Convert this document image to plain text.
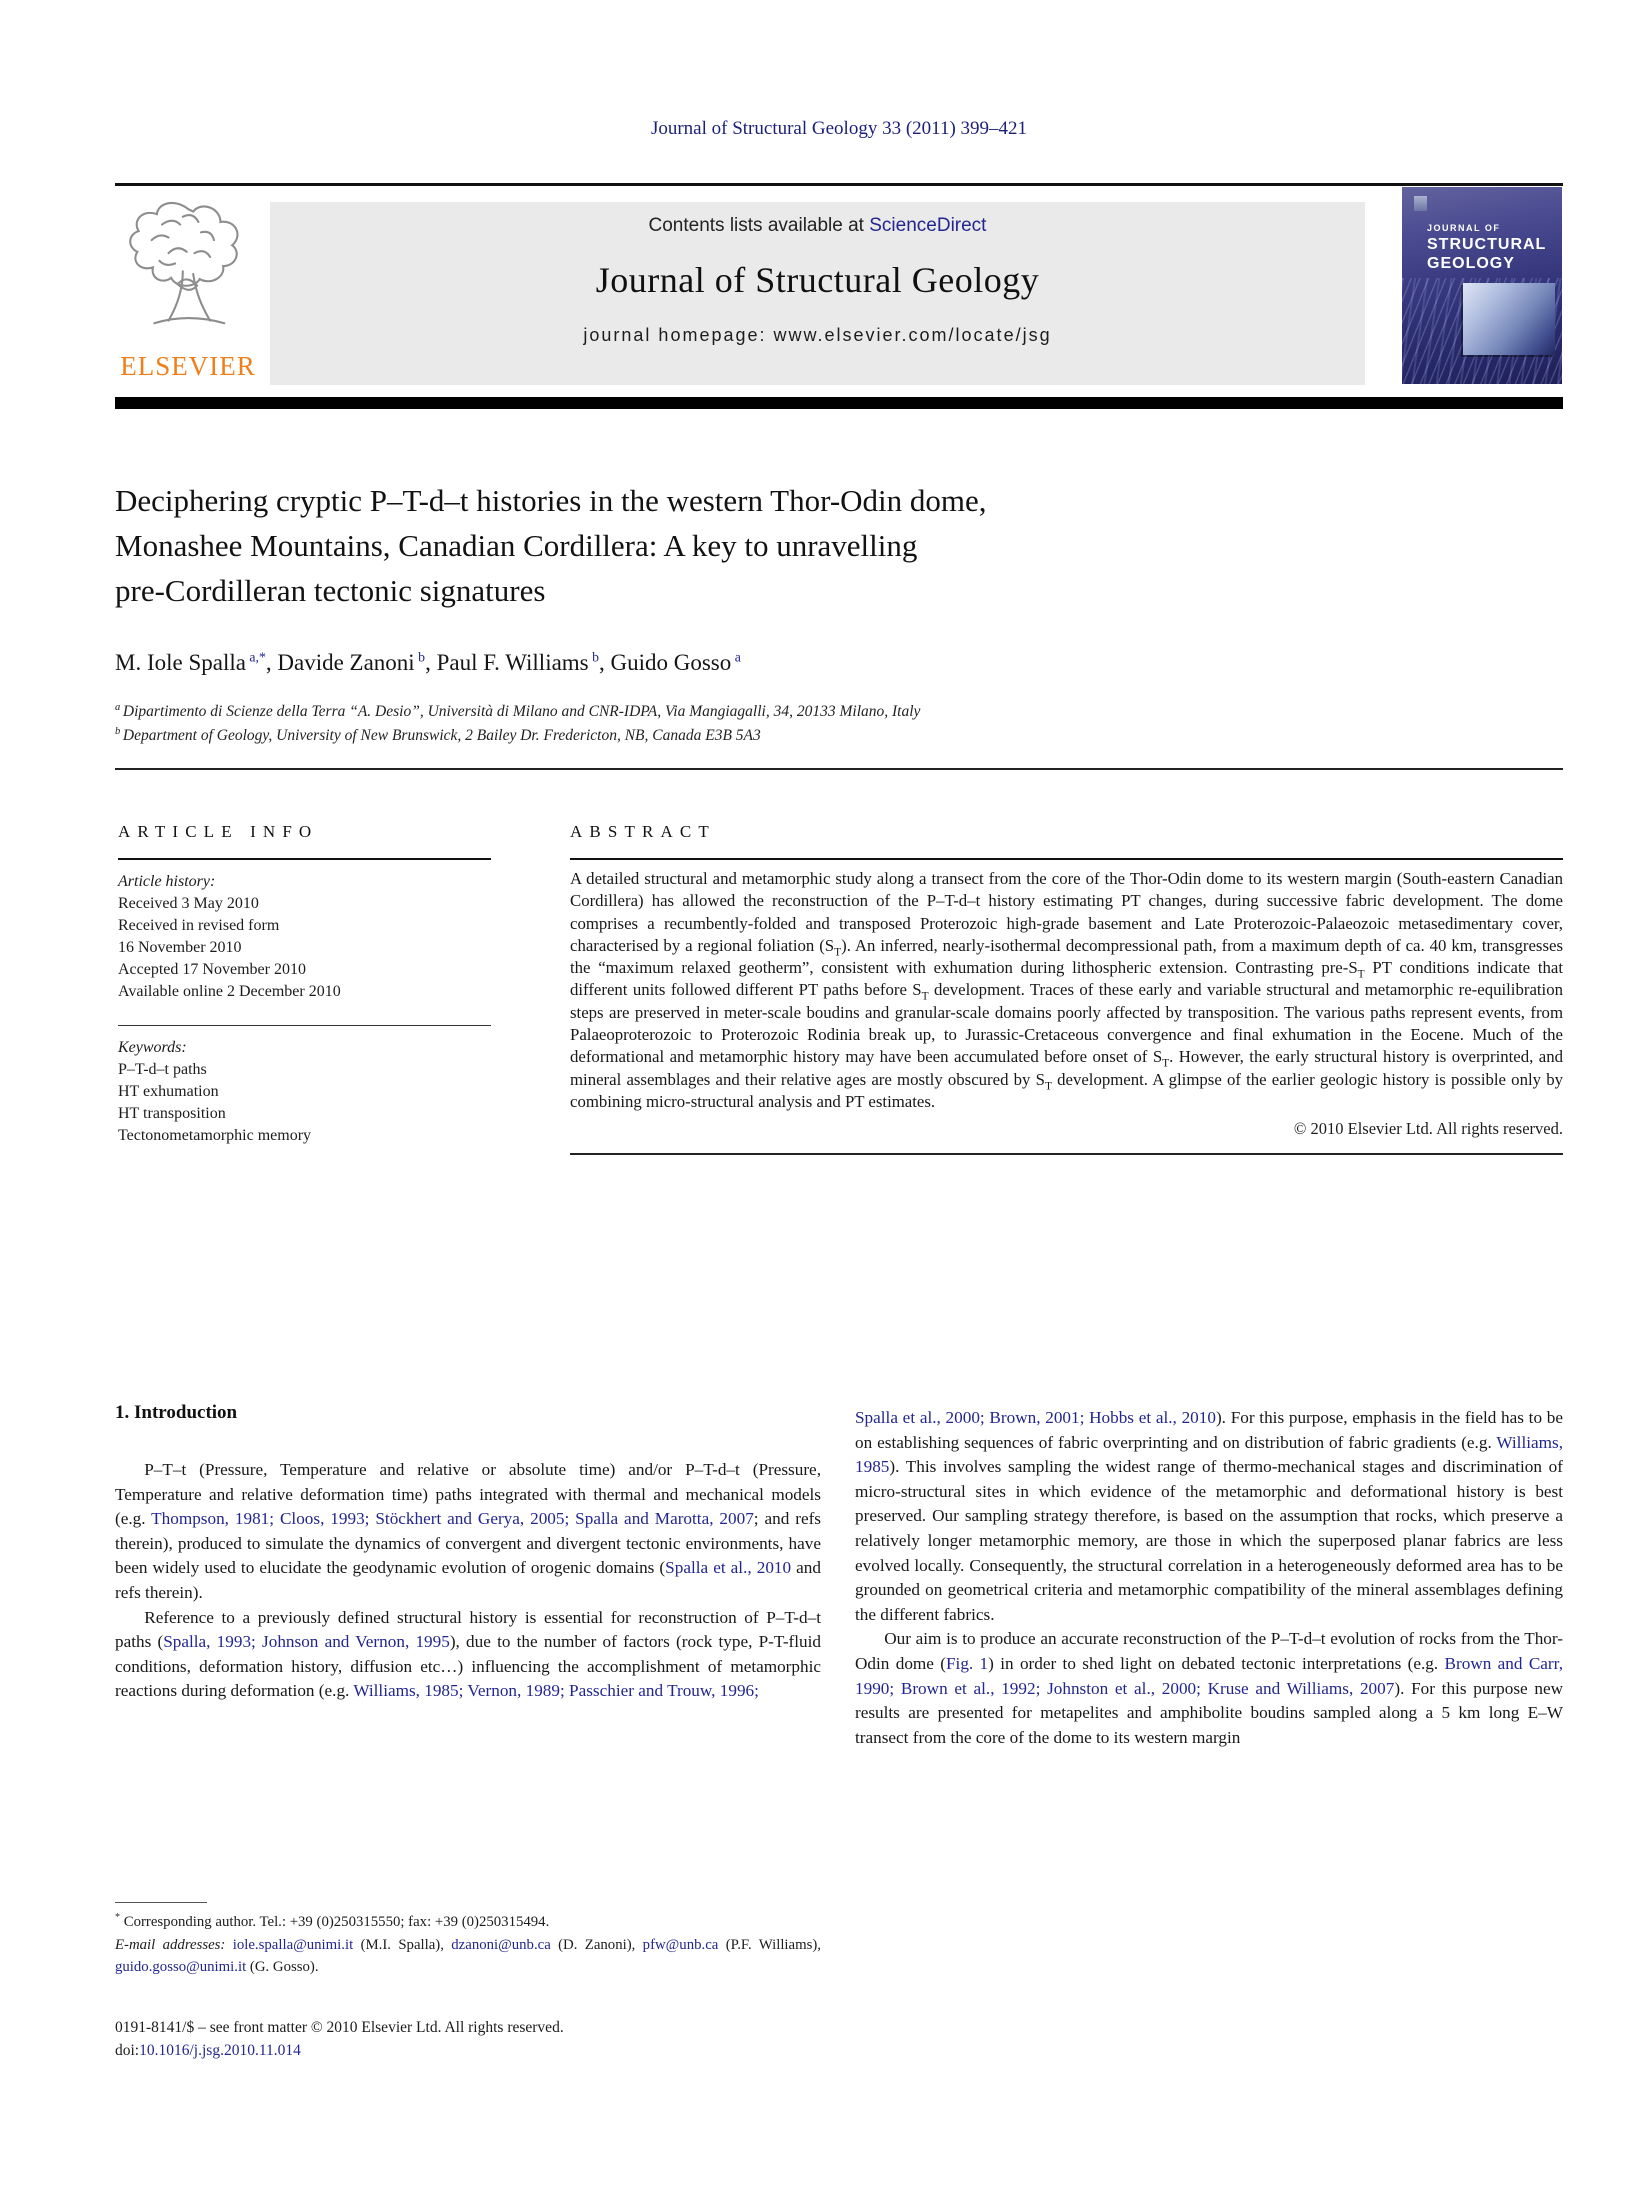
Journal of Structural Geology 33 (2011) 399–421
ELSEVIER
Contents lists available at ScienceDirect
Journal of Structural Geology
journal homepage: www.elsevier.com/locate/jsg
JOURNAL OF
STRUCTURAL
GEOLOGY
Deciphering cryptic P–T-d–t histories in the western Thor-Odin dome,
Monashee Mountains, Canadian Cordillera: A key to unravelling
pre-Cordilleran tectonic signatures
M. Iole Spalla $^{a,*}$, Davide Zanoni $^b$, Paul F. Williams $^b$, Guido Gosso $^a$
$^a$ Dipartimento di Scienze della Terra “A. Desio”, Università di Milano and CNR-IDPA, Via Mangiagalli, 34, 20133 Milano, Italy
$^b$ Department of Geology, University of New Brunswick, 2 Bailey Dr. Fredericton, NB, Canada E3B 5A3
ARTICLE INFO
Article history:
Received 3 May 2010
Received in revised form
16 November 2010
Accepted 17 November 2010
Available online 2 December 2010
Keywords:
P–T-d–t paths
HT exhumation
HT transposition
Tectonometamorphic memory
ABSTRACT
A detailed structural and metamorphic study along a transect from the core of the Thor-Odin dome to its western margin (South-eastern Canadian Cordillera) has allowed the reconstruction of the P–T-d–t history estimating PT changes, during successive fabric development. The dome comprises a recumbently-folded and transposed Proterozoic high-grade basement and Late Proterozoic-Palaeozoic metasedimentary cover, characterised by a regional foliation $(S_T)$. An inferred, nearly-isothermal decompressional path, from a maximum depth of ca. 40 km, transgresses the “maximum relaxed geotherm”, consistent with exhumation during lithospheric extension. Contrasting pre-$S_T$ PT conditions indicate that different units followed different PT paths before $S_T$ development. Traces of these early and variable structural and metamorphic re-equilibration steps are preserved in meter-scale boudins and granular-scale domains poorly affected by transposition. The various paths represent events, from Palaeoproterozoic to Proterozoic Rodinia break up, to Jurassic-Cretaceous convergence and final exhumation in the Eocene. Much of the deformational and metamorphic history may have been accumulated before onset of $S_T$. However, the early structural history is overprinted, and mineral assemblages and their relative ages are mostly obscured by $S_T$ development. A glimpse of the earlier geologic history is possible only by combining micro-structural analysis and PT estimates.
© 2010 Elsevier Ltd. All rights reserved.
1. Introduction

P–T–t (Pressure, Temperature and relative or absolute time) and/or P–T-d–t (Pressure, Temperature and relative deformation time) paths integrated with thermal and mechanical models (e.g. Thompson, 1981; Cloos, 1993; Stöckhert and Gerya, 2005; Spalla and Marotta, 2007; and refs therein), produced to simulate the dynamics of convergent and divergent tectonic environments, have been widely used to elucidate the geodynamic evolution of orogenic domains (Spalla et al., 2010 and refs therein).

Reference to a previously defined structural history is essential for reconstruction of P–T-d–t paths (Spalla, 1993; Johnson and Vernon, 1995), due to the number of factors (rock type, P-T-fluid conditions, deformation history, diffusion etc…) influencing the accomplishment of metamorphic reactions during deformation (e.g. Williams, 1985; Vernon, 1989; Passchier and Trouw, 1996;

Spalla et al., 2000; Brown, 2001; Hobbs et al., 2010). For this purpose, emphasis in the field has to be on establishing sequences of fabric overprinting and on distribution of fabric gradients (e.g. Williams, 1985). This involves sampling the widest range of thermo-mechanical stages and discrimination of micro-structural sites in which evidence of the metamorphic and deformational history is best preserved. Our sampling strategy therefore, is based on the assumption that rocks, which preserve a relatively longer metamorphic memory, are those in which the superposed planar fabrics are less evolved locally. Consequently, the structural correlation in a heterogeneously deformed area has to be grounded on geometrical criteria and metamorphic compatibility of the mineral assemblages defining the different fabrics.

Our aim is to produce an accurate reconstruction of the P–T-d–t evolution of rocks from the Thor-Odin dome (Fig. 1) in order to shed light on debated tectonic interpretations (e.g. Brown and Carr, 1990; Brown et al., 1992; Johnston et al., 2000; Kruse and Williams, 2007). For this purpose new results are presented for metapelites and amphibolite boudins sampled along a 5 km long E–W transect from the core of the dome to its western margin

* Corresponding author. Tel.: +39 (0)250315550; fax: +39 (0)250315494.
E-mail addresses: iole.spalla@unimi.it (M.I. Spalla), dzanoni@unb.ca (D. Zanoni), pfw@unb.ca (P.F. Williams), guido.gosso@unimi.it (G. Gosso).
0191-8141/$ – see front matter © 2010 Elsevier Ltd. All rights reserved.
doi:10.1016/j.jsg.2010.11.014
